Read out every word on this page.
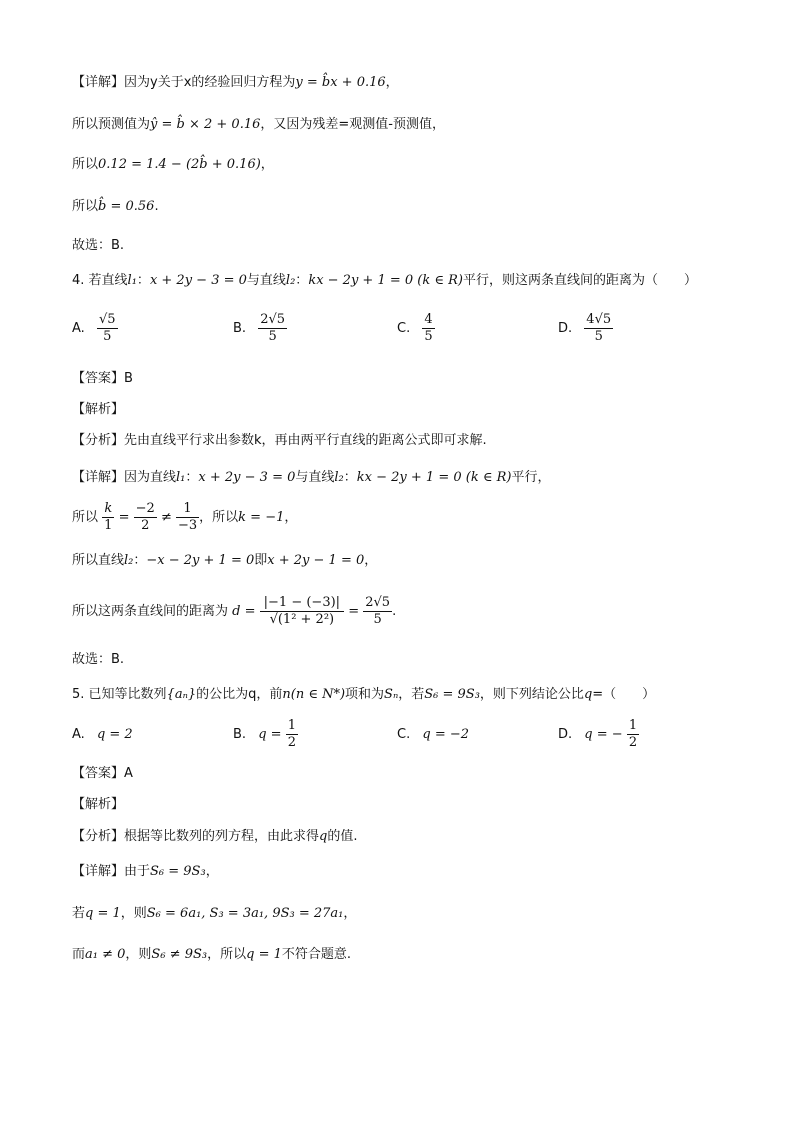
【详解】因为y关于x的经验回归方程为y = b̂x + 0.16，
所以预测值为ŷ = b̂ × 2 + 0.16，又因为残差=观测值-预测值，
所以0.12 = 1.4 − (2b̂ + 0.16)，
所以b̂ = 0.56.
故选：B.
4. 若直线l₁：x + 2y − 3 = 0与直线l₂：kx − 2y + 1 = 0 (k ∈ R)平行，则这两条直线间的距离为（　　）
A. $\frac{√5}{5}$	B. $\frac{2√5}{5}$	C. $\frac{4}{5}$	D. $\frac{4√5}{5}$
【答案】B
【解析】
【分析】先由直线平行求出参数k，再由两平行直线的距离公式即可求解.
【详解】因为直线l₁：x + 2y − 3 = 0与直线l₂：kx − 2y + 1 = 0 (k ∈ R)平行，
所以 $\frac{k}{1} = \frac{-2}{2} \ne \frac{1}{-3}$ ，所以k = −1，
所以直线l₂：−x − 2y + 1 = 0即x + 2y − 1 = 0，
所以这两条直线间的距离为 $d = \frac{|-1 - (-3)|}{\text{√(1² + 2²)}} = \frac{2√5}{5}$ .
故选：B.
5. 已知等比数列{aₙ}的公比为q，前n(n ∈ N*)项和为Sₙ，若S₆ = 9S₃，则下列结论公比q=（　　）
A. q = 2	B. $q = \frac{1}{2}$	C. q = −2	D. q = − $\frac{1}{2}$
【答案】A
【解析】
【分析】根据等比数列的列方程，由此求得q的值.
【详解】由于S₆ = 9S₃，
若q = 1，则S₆ = 6a₁, S₃ = 3a₁, 9S₃ = 27a₁，
而a₁ ≠ 0，则S₆ ≠ 9S₃，所以q = 1不符合题意.
